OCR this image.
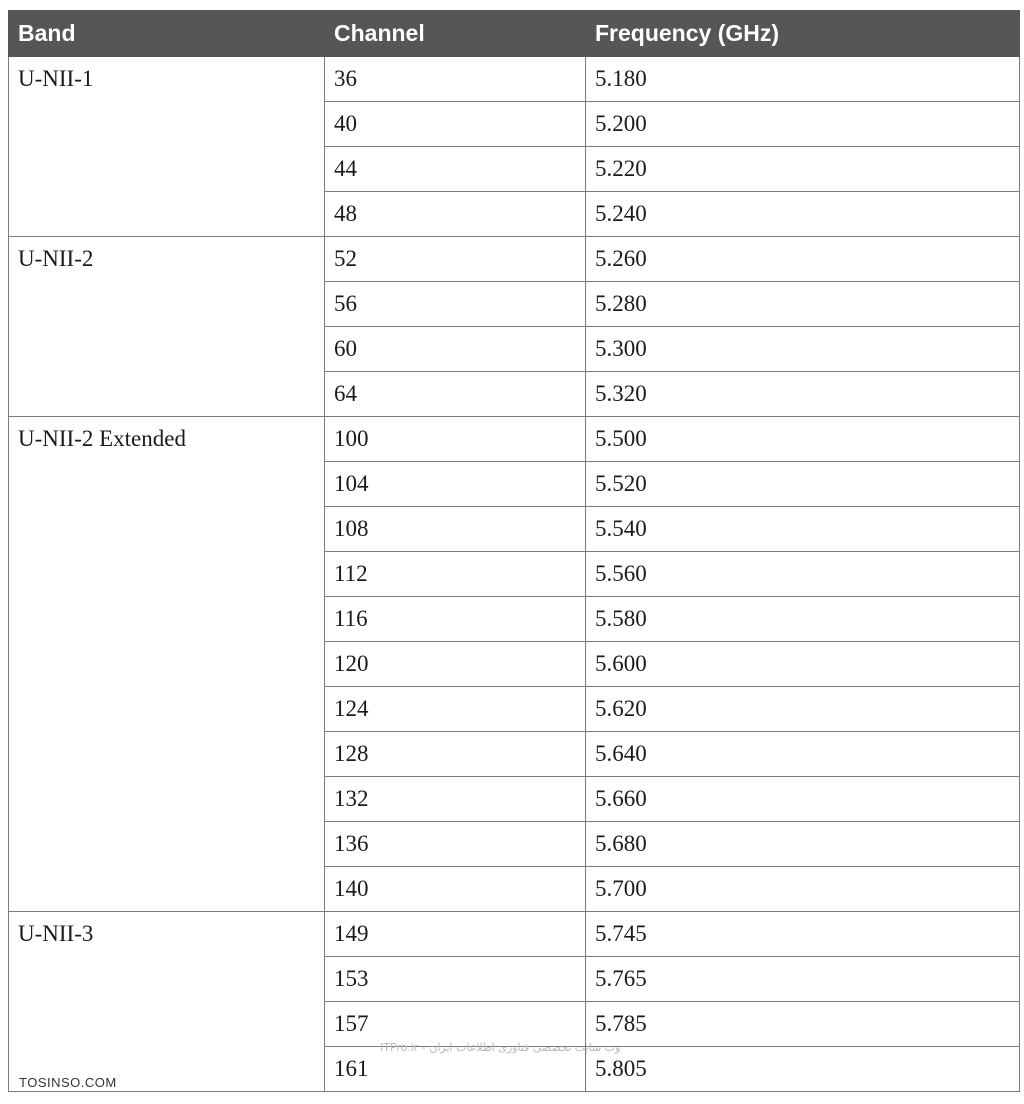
Band	Channel	Frequency (GHz)
U-NII-1	36	5.180
	40	5.200
	44	5.220
	48	5.240
U-NII-2	52	5.260
	56	5.280
	60	5.300
	64	5.320
U-NII-2 Extended	100	5.500
	104	5.520
	108	5.540
	112	5.560
	116	5.580
	120	5.600
	124	5.620
	128	5.640
	132	5.660
	136	5.680
	140	5.700
U-NII-3	149	5.745
	153	5.765
	157	5.785
	161	5.805
TOSINSO.COM
ITPro.ir - وب سایت تخصصی فناوری اطلاعات ایران
